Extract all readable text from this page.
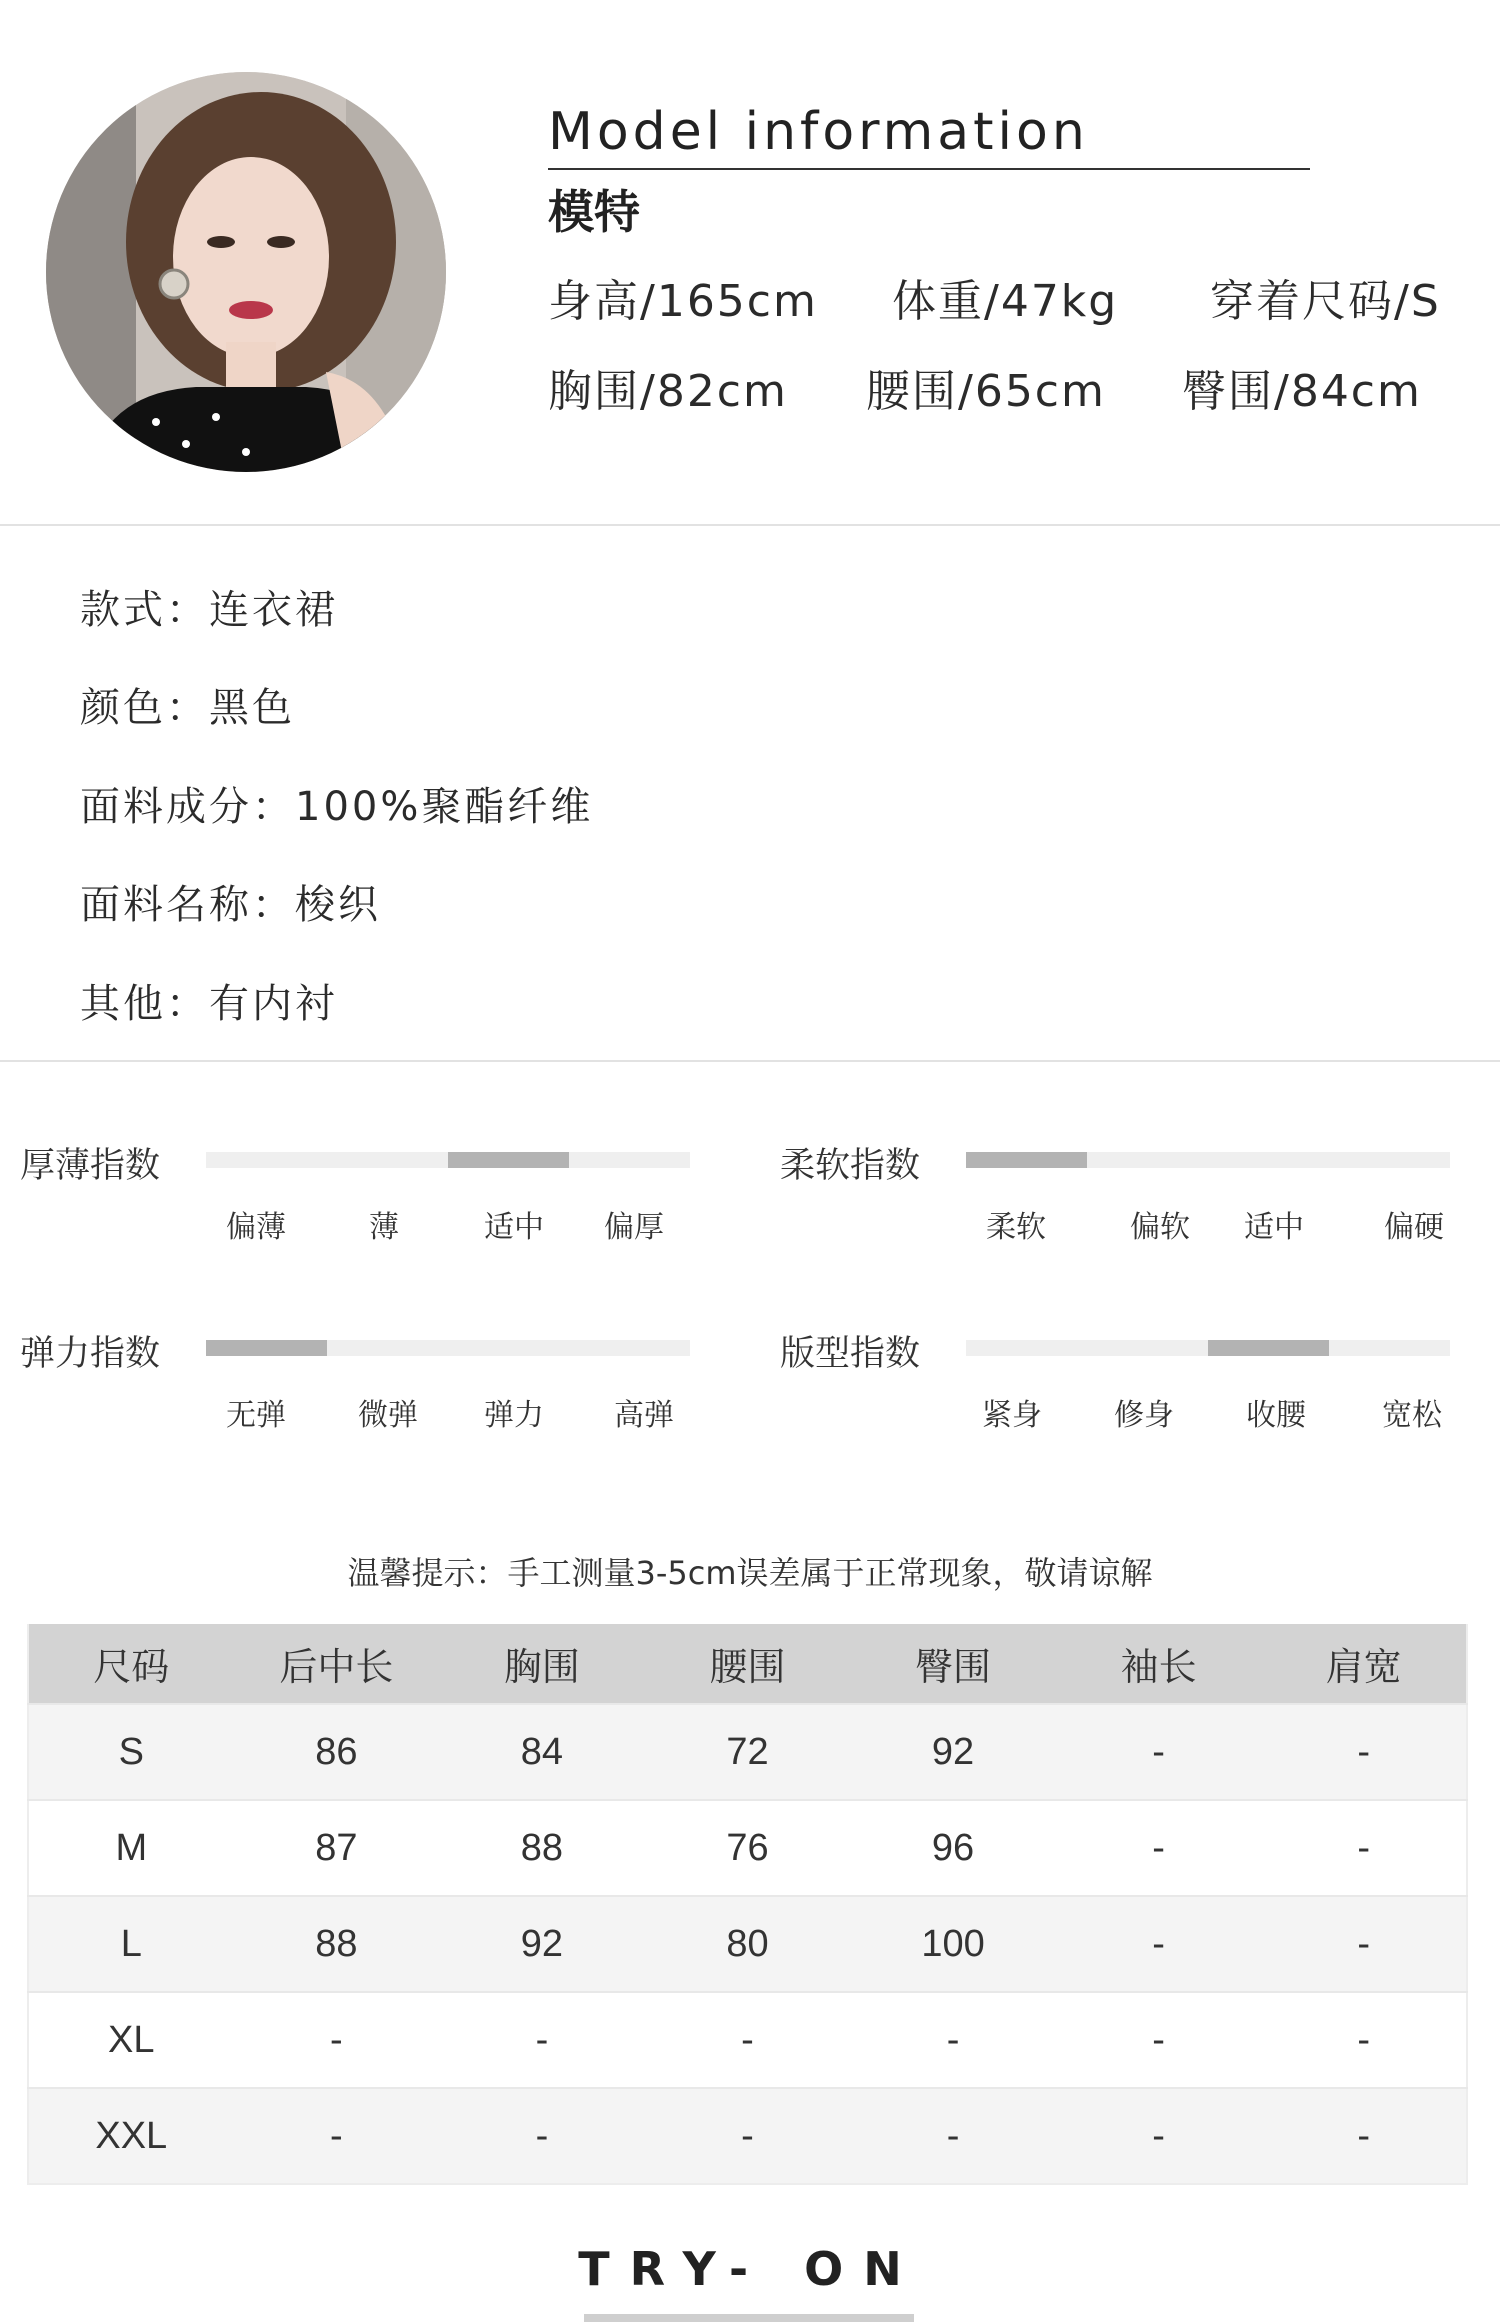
Model information
模特
身高/165cm 体重/47kg 穿着尺码/S
胸围/82cm 腰围/65cm 臀围/84cm
款式：连衣裙
颜色：黑色
面料成分：100%聚酯纤维
面料名称：梭织
其他：有内衬
厚薄指数
偏薄	薄	适中 偏厚
柔软指数
柔软	偏软 适中	偏硬
弹力指数
无弹 微弹 弹力 高弹
版型指数
紧身 修身 收腰	宽松
温馨提示：手工测量3-5cm误差属于正常现象，敬请谅解
尺码	后中长	胸围	腰围	臀围	袖长	肩宽
S	86	84	72	92	-	-
M	87	88	76	96	-	-
L	88	92	80	100	-	-
XL	-	-	-	-	-	-
XXL	-	-	-	-	-	-
TRY- ON
